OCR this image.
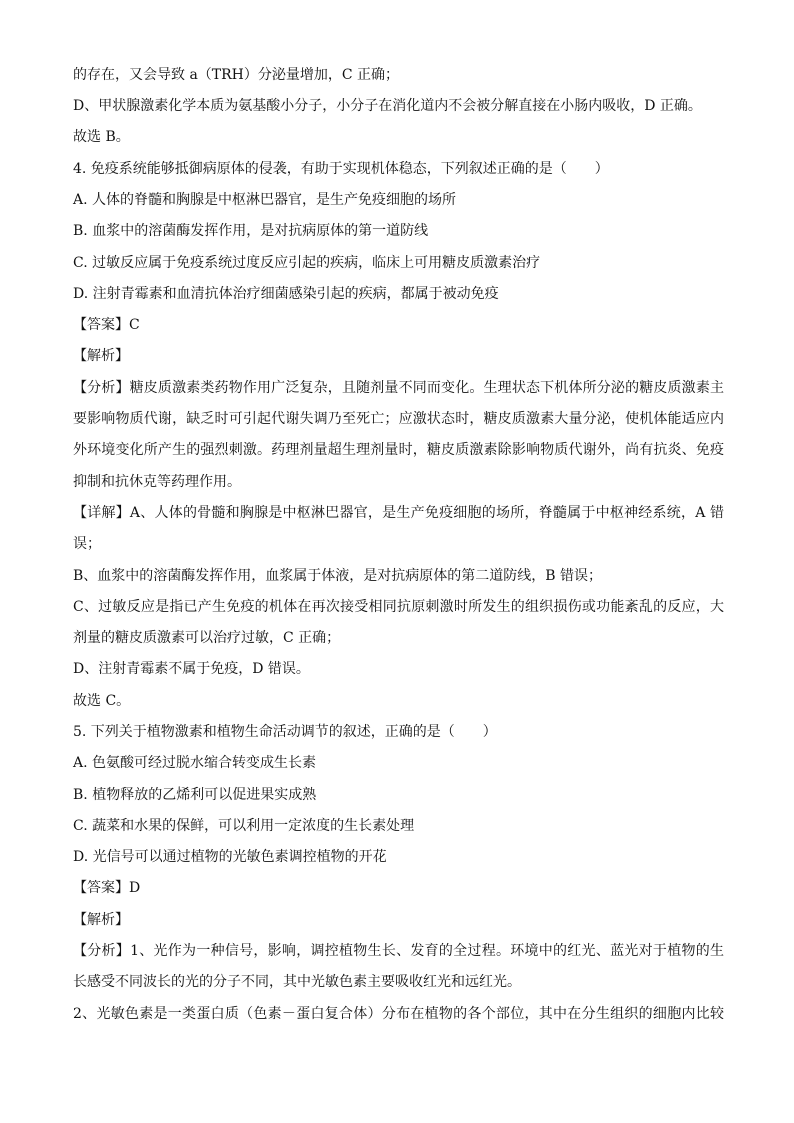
的存在，又会导致 a（TRH）分泌量增加，C 正确；
D、甲状腺激素化学本质为氨基酸小分子，小分子在消化道内不会被分解直接在小肠内吸收，D 正确。
故选 B。
4. 免疫系统能够抵御病原体的侵袭，有助于实现机体稳态，下列叙述正确的是（　　）
A. 人体的脊髓和胸腺是中枢淋巴器官，是生产免疫细胞的场所
B. 血浆中的溶菌酶发挥作用，是对抗病原体的第一道防线
C. 过敏反应属于免疫系统过度反应引起的疾病，临床上可用糖皮质激素治疗
D. 注射青霉素和血清抗体治疗细菌感染引起的疾病，都属于被动免疫
【答案】C
【解析】
【分析】糖皮质激素类药物作用广泛复杂，且随剂量不同而变化。生理状态下机体所分泌的糖皮质激素主
要影响物质代谢，缺乏时可引起代谢失调乃至死亡；应激状态时，糖皮质激素大量分泌，使机体能适应内
外环境变化所产生的强烈刺激。药理剂量超生理剂量时，糖皮质激素除影响物质代谢外，尚有抗炎、免疫
抑制和抗休克等药理作用。
【详解】A、人体的骨髓和胸腺是中枢淋巴器官，是生产免疫细胞的场所，脊髓属于中枢神经系统，A 错
误；
B、血浆中的溶菌酶发挥作用，血浆属于体液，是对抗病原体的第二道防线，B 错误；
C、过敏反应是指已产生免疫的机体在再次接受相同抗原刺激时所发生的组织损伤或功能紊乱的反应，大
剂量的糖皮质激素可以治疗过敏，C 正确；
D、注射青霉素不属于免疫，D 错误。
故选 C。
5. 下列关于植物激素和植物生命活动调节的叙述，正确的是（　　）
A. 色氨酸可经过脱水缩合转变成生长素
B. 植物释放的乙烯利可以促进果实成熟
C. 蔬菜和水果的保鲜，可以利用一定浓度的生长素处理
D. 光信号可以通过植物的光敏色素调控植物的开花
【答案】D
【解析】
【分析】1、光作为一种信号，影响，调控植物生长、发育的全过程。环境中的红光、蓝光对于植物的生
长感受不同波长的光的分子不同，其中光敏色素主要吸收红光和远红光。
2、光敏色素是一类蛋白质（色素－蛋白复合体）分布在植物的各个部位，其中在分生组织的细胞内比较
